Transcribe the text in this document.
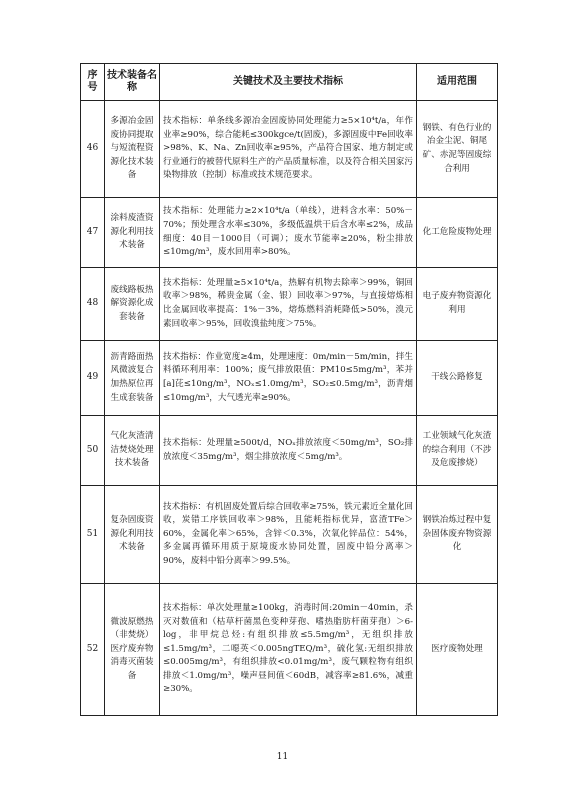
序号	技术装备名称	关键技术及主要技术指标	适用范围
46	多源冶金固废协同提取与短流程资源化技术装备	技术指标：单条线多源冶金固废协同处理能力≥5×10⁴t/a，年作业率≥90%，综合能耗≤300kgce/t(固废)，多源固废中Fe回收率>98%、K、Na、Zn回收率≥95%，产品符合国家、地方制定或行业通行的被替代原料生产的产品质量标准，以及符合相关国家污染物排放（控制）标准或技术规范要求。	钢铁、有色行业的冶金尘泥、铜尾矿、赤泥等固废综合利用
47	涂料废渣资源化利用技术装备	技术指标：处理能力≥2×10⁴t/a（单线），进料含水率：50%－70%；预处理含水率≤30%，多级低温烘干后含水率≤2%，成品细度：40目－1000目（可调）；废水节能率≥20%，粉尘排放≤10mg/m³，废水回用率>80%。	化工危险废物处理
48	废线路板热解资源化成套装备	技术指标：处理量≥5×10⁴t/a，热解有机物去除率＞99%，铜回收率＞98%，稀贵金属（金、银）回收率＞97%，与直接熔炼相比金属回收率提高：1%－3%，熔炼燃料消耗降低>50%，溴元素回收率＞95%，回收溴盐纯度＞75%。	电子废弃物资源化利用
49	沥青路面热风微波复合加热原位再生成套装备	技术指标：作业宽度≥4m，处理速度：0m/min－5m/min，拌生料循环利用率：100%；废气排放限值：PM10≤5mg/m³，苯并[a]芘≤10ng/m³，NOₓ≤1.0mg/m³，SO₂≤0.5mg/m³，沥青烟≤10mg/m³，大气透光率≥90%。	干线公路修复
50	气化灰渣清洁焚烧处理技术装备	技术指标：处理量≥500t/d，NOₓ排放浓度＜50mg/m³，SO₂排放浓度＜35mg/m³，烟尘排放浓度＜5mg/m³。	工业领域气化灰渣的综合利用（不涉及危废掺烧）
51	复杂固废资源化利用技术装备	技术指标：有机固废处置后综合回收率≥75%，铁元素近全量化回收，炭错工序铁回收率＞98%，且能耗指标优异，富渣TFe＞60%，金属化率＞65%，含锌＜0.3%，次氧化锌品位：54%，多金属再循环用质于原境废水协同处置，固废中铅分离率＞90%，废料中铅分离率＞99.5%。	钢铁冶炼过程中复杂固体废弃物资源化
52	微波原燃热（非焚烧）医疗废弃物消毒灭菌装备	技术指标：单次处理量≥100kg，消毒时间:20min－40min，杀灭对数值和（枯草杆菌黑色变种芽孢、嗜热脂肪杆菌芽孢）＞6-log，非甲烷总烃:有组织排放≤5.5mg/m³，无组织排放≤1.5mg/m³，二噁英＜0.005ngTEQ/m³，硫化氢:无组织排放≤0.005mg/m³，有组织排放<0.01mg/m³，废气颗粒物有组织排放＜1.0mg/m³，噪声昼间值＜60dB，减容率≥81.6%，减重≥30%。	医疗废物处理
11
